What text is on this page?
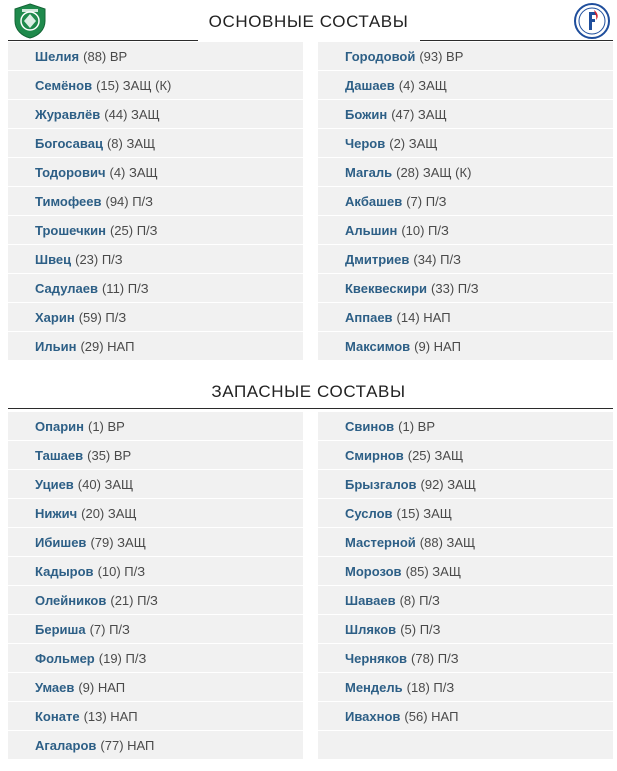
ОСНОВНЫЕ СОСТАВЫ
ЗАПАСНЫЕ СОСТАВЫ
Шелия (88) ВР
Семёнов (15) ЗАЩ (К)
Журавлёв (44) ЗАЩ
Богосавац (8) ЗАЩ
Тодорович (4) ЗАЩ
Тимофеев (94) П/З
Трошечкин (25) П/З
Швец (23) П/З
Садулаев (11) П/З
Харин (59) П/З
Ильин (29) НАП
Городовой (93) ВР
Дашаев (4) ЗАЩ
Божин (47) ЗАЩ
Черов (2) ЗАЩ
Магаль (28) ЗАЩ (К)
Акбашев (7) П/З
Альшин (10) П/З
Дмитриев (34) П/З
Квеквескири (33) П/З
Аппаев (14) НАП
Максимов (9) НАП
Опарин (1) ВР
Ташаев (35) ВР
Уциев (40) ЗАЩ
Нижич (20) ЗАЩ
Ибишев (79) ЗАЩ
Кадыров (10) П/З
Олейников (21) П/З
Бериша (7) П/З
Фольмер (19) П/З
Умаев (9) НАП
Конате (13) НАП
Агаларов (77) НАП
Свинов (1) ВР
Смирнов (25) ЗАЩ
Брызгалов (92) ЗАЩ
Суслов (15) ЗАЩ
Мастерной (88) ЗАЩ
Морозов (85) ЗАЩ
Шаваев (8) П/З
Шляков (5) П/З
Черняков (78) П/З
Мендель (18) П/З
Ивахнов (56) НАП
